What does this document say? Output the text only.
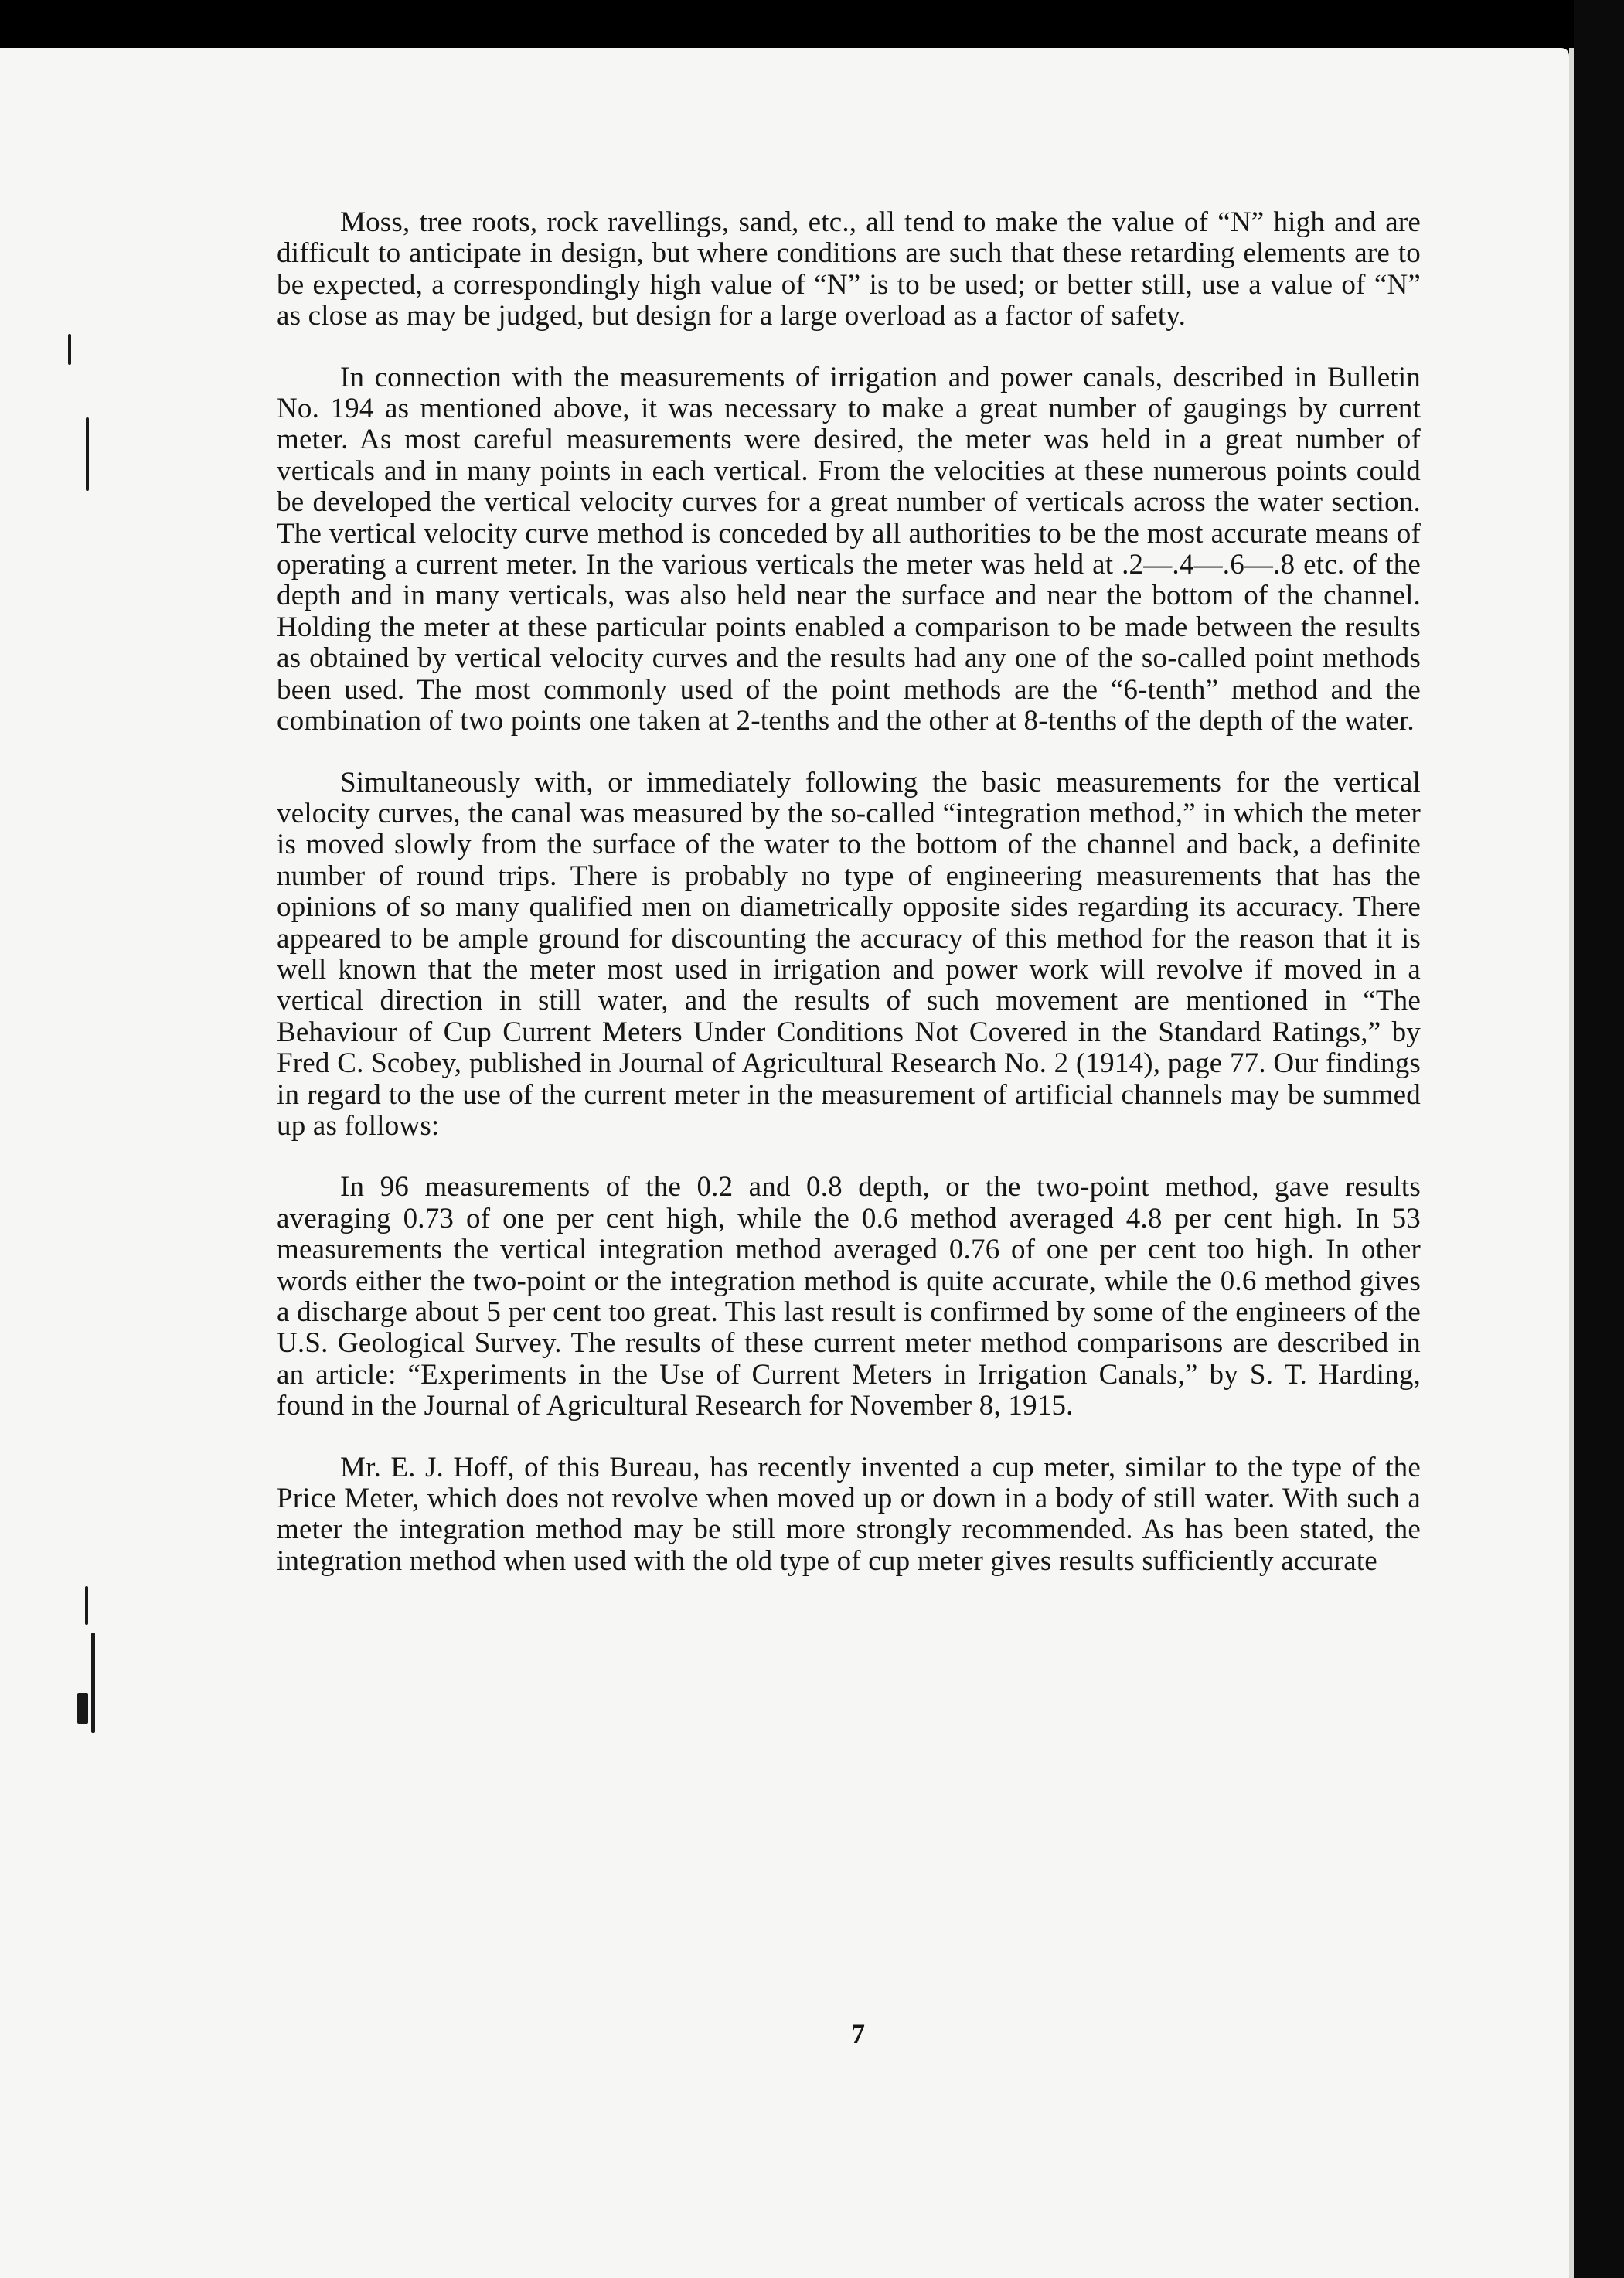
Moss, tree roots, rock ravellings, sand, etc., all tend to make the value of “N” high and are difficult to anticipate in design, but where conditions are such that these retarding elements are to be expected, a correspondingly high value of “N” is to be used; or better still, use a value of “N” as close as may be judged, but design for a large overload as a factor of safety.

In connection with the measurements of irrigation and power canals, described in Bulletin No. 194 as mentioned above, it was necessary to make a great number of gaugings by current meter. As most careful measurements were desired, the meter was held in a great number of verticals and in many points in each vertical. From the velocities at these numerous points could be developed the vertical velocity curves for a great number of verticals across the water section. The vertical velocity curve method is conceded by all authorities to be the most accurate means of operating a current meter. In the various verticals the meter was held at .2—.4—.6—.8 etc. of the depth and in many verticals, was also held near the surface and near the bottom of the channel. Holding the meter at these particular points enabled a comparison to be made between the results as obtained by vertical velocity curves and the results had any one of the so-called point methods been used. The most commonly used of the point methods are the “6-tenth” method and the combination of two points one taken at 2-tenths and the other at 8-tenths of the depth of the water.

Simultaneously with, or immediately following the basic measurements for the vertical velocity curves, the canal was measured by the so-called “integration method,” in which the meter is moved slowly from the surface of the water to the bottom of the channel and back, a definite number of round trips. There is probably no type of engineering measurements that has the opinions of so many qualified men on diametrically opposite sides regarding its accuracy. There appeared to be ample ground for discounting the accuracy of this method for the reason that it is well known that the meter most used in irrigation and power work will revolve if moved in a vertical direction in still water, and the results of such movement are mentioned in “The Behaviour of Cup Current Meters Under Conditions Not Covered in the Standard Ratings,” by Fred C. Scobey, published in Journal of Agricultural Research No. 2 (1914), page 77. Our findings in regard to the use of the current meter in the measurement of artificial channels may be summed up as follows:

In 96 measurements of the 0.2 and 0.8 depth, or the two-point method, gave results averaging 0.73 of one per cent high, while the 0.6 method averaged 4.8 per cent high. In 53 measurements the vertical integration method averaged 0.76 of one per cent too high. In other words either the two-point or the integration method is quite accurate, while the 0.6 method gives a discharge about 5 per cent too great. This last result is confirmed by some of the engineers of the U.S. Geological Survey. The results of these current meter method comparisons are described in an article: “Experiments in the Use of Current Meters in Irrigation Canals,” by S. T. Harding, found in the Journal of Agricultural Research for November 8, 1915.

Mr. E. J. Hoff, of this Bureau, has recently invented a cup meter, similar to the type of the Price Meter, which does not revolve when moved up or down in a body of still water. With such a meter the integration method may be still more strongly recommended. As has been stated, the integration method when used with the old type of cup meter gives results sufficiently accurate

7
